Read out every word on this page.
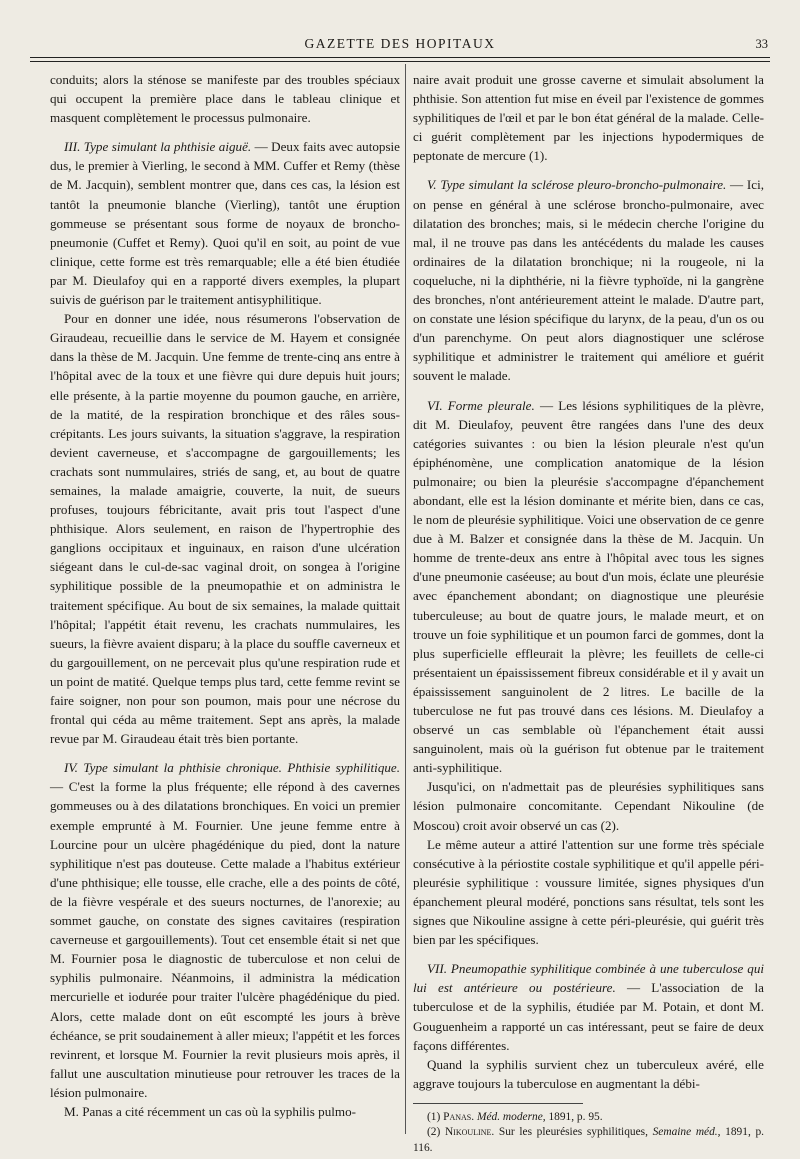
GAZETTE DES HOPITAUX	33

conduits; alors la sténose se manifeste par des troubles spéciaux qui occupent la première place dans le tableau clinique et masquent complètement le processus pulmonaire.

III. Type simulant la phthisie aiguë. — Deux faits avec autopsie dus, le premier à Vierling, le second à MM. Cuffer et Remy (thèse de M. Jacquin), semblent montrer que, dans ces cas, la lésion est tantôt la pneumonie blanche (Vierling), tantôt une éruption gommeuse se présentant sous forme de noyaux de broncho-pneumonie (Cuffet et Remy). Quoi qu'il en soit, au point de vue clinique, cette forme est très remarquable; elle a été bien étudiée par M. Dieulafoy qui en a rapporté divers exemples, la plupart suivis de guérison par le traitement antisyphilitique.

Pour en donner une idée, nous résumerons l'observation de Giraudeau, recueillie dans le service de M. Hayem et consignée dans la thèse de M. Jacquin. Une femme de trente-cinq ans entre à l'hôpital avec de la toux et une fièvre qui dure depuis huit jours; elle présente, à la partie moyenne du poumon gauche, en arrière, de la matité, de la respiration bronchique et des râles sous-crépitants. Les jours suivants, la situation s'aggrave, la respiration devient caverneuse, et s'accompagne de gargouillements; les crachats sont nummulaires, striés de sang, et, au bout de quatre semaines, la malade amaigrie, couverte, la nuit, de sueurs profuses, toujours fébricitante, avait pris tout l'aspect d'une phthisique. Alors seulement, en raison de l'hypertrophie des ganglions occipitaux et inguinaux, en raison d'une ulcération siégeant dans le cul-de-sac vaginal droit, on songea à l'origine syphilitique possible de la pneumopathie et on administra le traitement spécifique. Au bout de six semaines, la malade quittait l'hôpital; l'appétit était revenu, les crachats nummulaires, les sueurs, la fièvre avaient disparu; à la place du souffle caverneux et du gargouillement, on ne percevait plus qu'une respiration rude et un point de matité. Quelque temps plus tard, cette femme revint se faire soigner, non pour son poumon, mais pour une nécrose du frontal qui céda au même traitement. Sept ans après, la malade revue par M. Giraudeau était très bien portante.

IV. Type simulant la phthisie chronique. Phthisie syphilitique. — C'est la forme la plus fréquente; elle répond à des cavernes gommeuses ou à des dilatations bronchiques. En voici un premier exemple emprunté à M. Fournier. Une jeune femme entre à Lourcine pour un ulcère phagédénique du pied, dont la nature syphilitique n'est pas douteuse. Cette malade a l'habitus extérieur d'une phthisique; elle tousse, elle crache, elle a des points de côté, de la fièvre vespérale et des sueurs nocturnes, de l'anorexie; au sommet gauche, on constate des signes cavitaires (respiration caverneuse et gargouillements). Tout cet ensemble était si net que M. Fournier posa le diagnostic de tuberculose et non celui de syphilis pulmonaire. Néanmoins, il administra la médication mercurielle et iodurée pour traiter l'ulcère phagédénique du pied. Alors, cette malade dont on eût escompté les jours à brève échéance, se prit soudainement à aller mieux; l'appétit et les forces revinrent, et lorsque M. Fournier la revit plusieurs mois après, il fallut une auscultation minutieuse pour retrouver les traces de la lésion pulmonaire.

M. Panas a cité récemment un cas où la syphilis pulmo-

naire avait produit une grosse caverne et simulait absolument la phthisie. Son attention fut mise en éveil par l'existence de gommes syphilitiques de l'œil et par le bon état général de la malade. Celle-ci guérit complètement par les injections hypodermiques de peptonate de mercure (1).

V. Type simulant la sclérose pleuro-broncho-pulmonaire. — Ici, on pense en général à une sclérose broncho-pulmonaire, avec dilatation des bronches; mais, si le médecin cherche l'origine du mal, il ne trouve pas dans les antécédents du malade les causes ordinaires de la dilatation bronchique; ni la rougeole, ni la coqueluche, ni la diphthérie, ni la fièvre typhoïde, ni la gangrène des bronches, n'ont antérieurement atteint le malade. D'autre part, on constate une lésion spécifique du larynx, de la peau, d'un os ou d'un parenchyme. On peut alors diagnostiquer une sclérose syphilitique et administrer le traitement qui améliore et guérit souvent le malade.

VI. Forme pleurale. — Les lésions syphilitiques de la plèvre, dit M. Dieulafoy, peuvent être rangées dans l'une des deux catégories suivantes : ou bien la lésion pleurale n'est qu'un épiphénomène, une complication anatomique de la lésion pulmonaire; ou bien la pleurésie s'accompagne d'épanchement abondant, elle est la lésion dominante et mérite bien, dans ce cas, le nom de pleurésie syphilitique. Voici une observation de ce genre due à M. Balzer et consignée dans la thèse de M. Jacquin. Un homme de trente-deux ans entre à l'hôpital avec tous les signes d'une pneumonie caséeuse; au bout d'un mois, éclate une pleurésie avec épanchement abondant; on diagnostique une pleurésie tuberculeuse; au bout de quatre jours, le malade meurt, et on trouve un foie syphilitique et un poumon farci de gommes, dont la plus superficielle effleurait la plèvre; les feuillets de celle-ci présentaient un épaississement fibreux considérable et il y avait un épaississement sanguinolent de 2 litres. Le bacille de la tuberculose ne fut pas trouvé dans ces lésions. M. Dieulafoy a observé un cas semblable où l'épanchement était aussi sanguinolent, mais où la guérison fut obtenue par le traitement anti-syphilitique.

Jusqu'ici, on n'admettait pas de pleurésies syphilitiques sans lésion pulmonaire concomitante. Cependant Nikouline (de Moscou) croit avoir observé un cas (2).

Le même auteur a attiré l'attention sur une forme très spéciale consécutive à la périostite costale syphilitique et qu'il appelle péri-pleurésie syphilitique : voussure limitée, signes physiques d'un épanchement pleural modéré, ponctions sans résultat, tels sont les signes que Nikouline assigne à cette péri-pleurésie, qui guérit très bien par les spécifiques.

VII. Pneumopathie syphilitique combinée à une tuberculose qui lui est antérieure ou postérieure. — L'association de la tuberculose et de la syphilis, étudiée par M. Potain, et dont M. Gouguenheim a rapporté un cas intéressant, peut se faire de deux façons différentes.

Quand la syphilis survient chez un tuberculeux avéré, elle aggrave toujours la tuberculose en augmentant la débi-

(1) Panas. Méd. moderne, 1891, p. 95.

(2) Nikouline. Sur les pleurésies syphilitiques, Semaine méd., 1891, p. 116.
